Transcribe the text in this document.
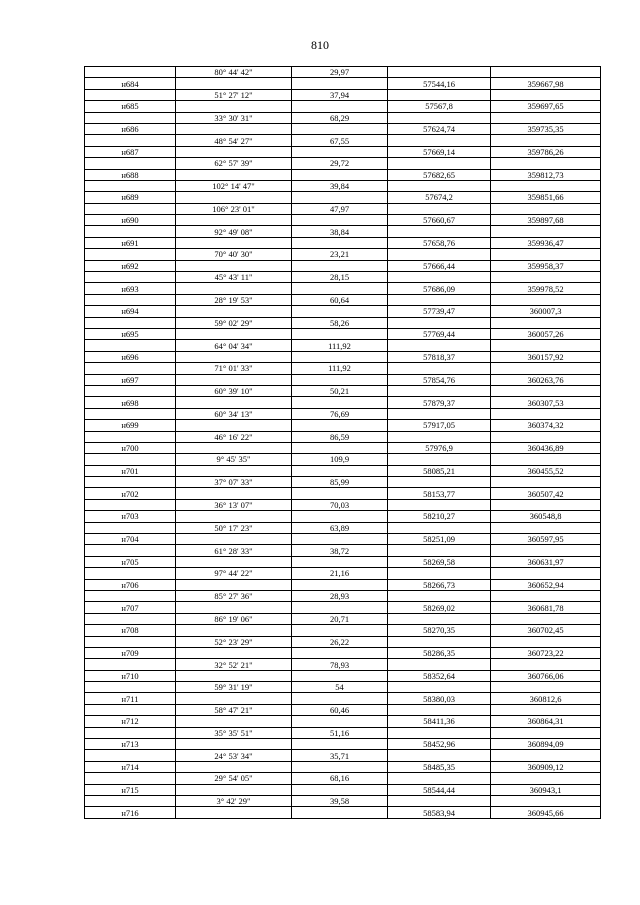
810
	80° 44' 42"	29,97		
н684			57544,16	359667,98
	51° 27' 12"	37,94		
н685			57567,8	359697,65
	33° 30' 31"	68,29		
н686			57624,74	359735,35
	48° 54' 27"	67,55		
н687			57669,14	359786,26
	62° 57' 39"	29,72		
н688			57682,65	359812,73
	102° 14' 47"	39,84		
н689			57674,2	359851,66
	106° 23' 01"	47,97		
н690			57660,67	359897,68
	92° 49' 08"	38,84		
н691			57658,76	359936,47
	70° 40' 30"	23,21		
н692			57666,44	359958,37
	45° 43' 11"	28,15		
н693			57686,09	359978,52
	28° 19' 53"	60,64		
н694			57739,47	360007,3
	59° 02' 29"	58,26		
н695			57769,44	360057,26
	64° 04' 34"	111,92		
н696			57818,37	360157,92
	71° 01' 33"	111,92		
н697			57854,76	360263,76
	60° 39' 10"	50,21		
н698			57879,37	360307,53
	60° 34' 13"	76,69		
н699			57917,05	360374,32
	46° 16' 22"	86,59		
н700			57976,9	360436,89
	9° 45' 35"	109,9		
н701			58085,21	360455,52
	37° 07' 33"	85,99		
н702			58153,77	360507,42
	36° 13' 07"	70,03		
н703			58210,27	360548,8
	50° 17' 23"	63,89		
н704			58251,09	360597,95
	61° 28' 33"	38,72		
н705			58269,58	360631,97
	97° 44' 22"	21,16		
н706			58266,73	360652,94
	85° 27' 36"	28,93		
н707			58269,02	360681,78
	86° 19' 06"	20,71		
н708			58270,35	360702,45
	52° 23' 29"	26,22		
н709			58286,35	360723,22
	32° 52' 21"	78,93		
н710			58352,64	360766,06
	59° 31' 19"	54		
н711			58380,03	360812,6
	58° 47' 21"	60,46		
н712			58411,36	360864,31
	35° 35' 51"	51,16		
н713			58452,96	360894,09
	24° 53' 34"	35,71		
н714			58485,35	360909,12
	29° 54' 05"	68,16		
н715			58544,44	360943,1
	3° 42' 29"	39,58		
н716			58583,94	360945,66
